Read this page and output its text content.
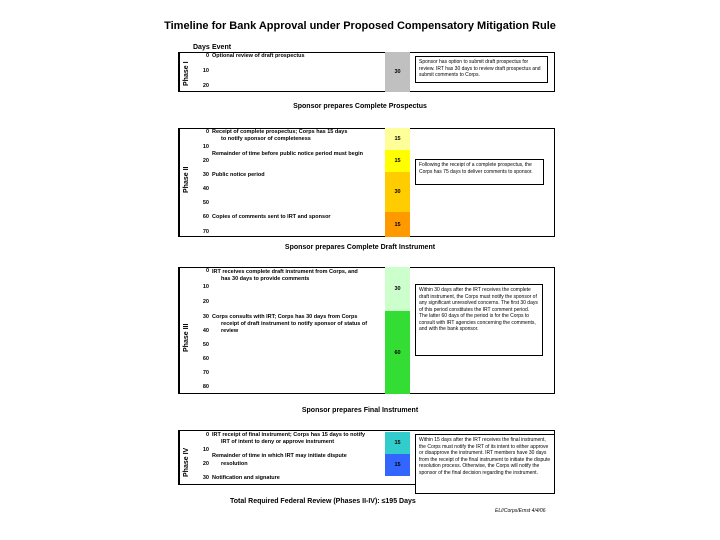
Timeline for Bank Approval under Proposed Compensatory Mitigation Rule
Days Event
Phase I
0
10
20
Optional review of draft prospectus
30
Sponsor has option to submit draft prospectus for review. IRT has 30 days to review draft prospectus and submit comments to Corps.
Sponsor prepares Complete Prospectus
Phase II
0
10
20
30
40
50
60
70
Receipt of complete prospectus; Corps has 15 days
to notify sponsor of completeness
Remainder of time before public notice period must begin
Public notice period
Copies of comments sent to IRT and sponsor
15
15
30
15
Following the receipt of a complete prospectus, the Corps has 75 days to deliver comments to sponsor.
Sponsor prepares Complete Draft Instrument
Phase III
0
10
20
30
40
50
60
70
80
IRT receives complete draft instrument from Corps, and
has 30 days to provide comments
Corps consults with IRT; Corps has 30 days from Corps
receipt of draft instrument to notify sponsor of status of
review
30
60
Within 30 days after the IRT receives the complete draft instrument, the Corps must notify the sponsor of any significant unresolved concerns. The first 30 days of this period constitutes the IRT comment period. The latter 60 days of the period is for the Corps to consult with IRT agencies concerning the comments, and with the bank sponsor.
Sponsor prepares Final Instrument
Phase IV
0
10
20
30
IRT receipt of final instrument; Corps has 15 days to notify
IRT of intent to deny or approve instrument
Remainder of time in which IRT may initiate dispute
resolution
Notification and signature
15
15
Within 15 days after the IRT receives the final instrument, the Corps must notify the IRT of its intent to either approve or disapprove the instrument. IRT members have 30 days from the receipt of the final instrument to initiate the dispute resolution process. Otherwise, the Corps will notify the sponsor of the final decision regarding the instrument.
Total Required Federal Review (Phases II-IV): ≤195 Days
ELI/Corps/Ernst 4/4/06
